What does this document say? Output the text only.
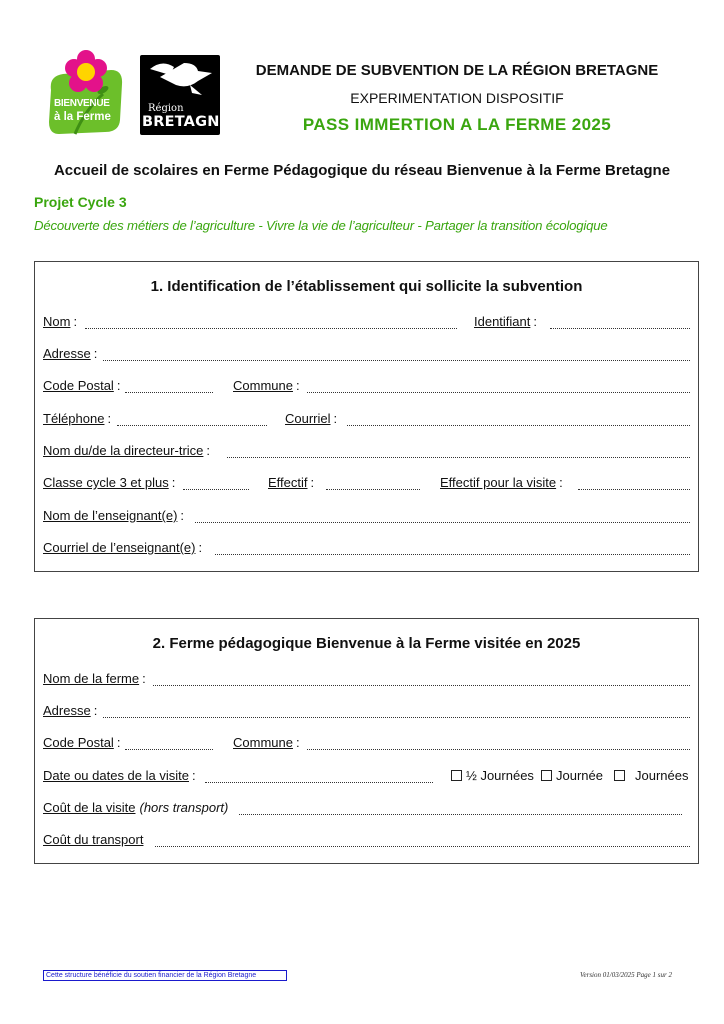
BIENVENUE
à la Ferme
Région
BRETAGNE
DEMANDE DE SUBVENTION DE LA RÉGION BRETAGNE
EXPERIMENTATION DISPOSITIF
PASS IMMERTION A LA FERME 2025
Accueil de scolaires en Ferme Pédagogique du réseau Bienvenue à la Ferme Bretagne
Projet Cycle 3
Découverte des métiers de l’agriculture - Vivre la vie de l’agriculteur - Partager la transition écologique
1. Identification de l’établissement qui sollicite la subvention
Nom :	Identifiant :
Adresse :
Code Postal :	Commune :
Téléphone :	Courriel :
Nom du/de la directeur-trice :
Classe cycle 3 et plus :	Effectif :	Effectif pour la visite :
Nom de l’enseignant(e) :
Courriel de l’enseignant(e) :
2. Ferme pédagogique Bienvenue à la Ferme visitée en 2025
Nom de la ferme :
Adresse :
Code Postal :	Commune :
Date ou dates de la visite :	½ Journées	Journée	Journées
Coût de la visite (hors transport)
Coût du transport
Cette structure bénéficie du soutien financier de la Région Bretagne	Version 01/03/2025 Page 1 sur 2
